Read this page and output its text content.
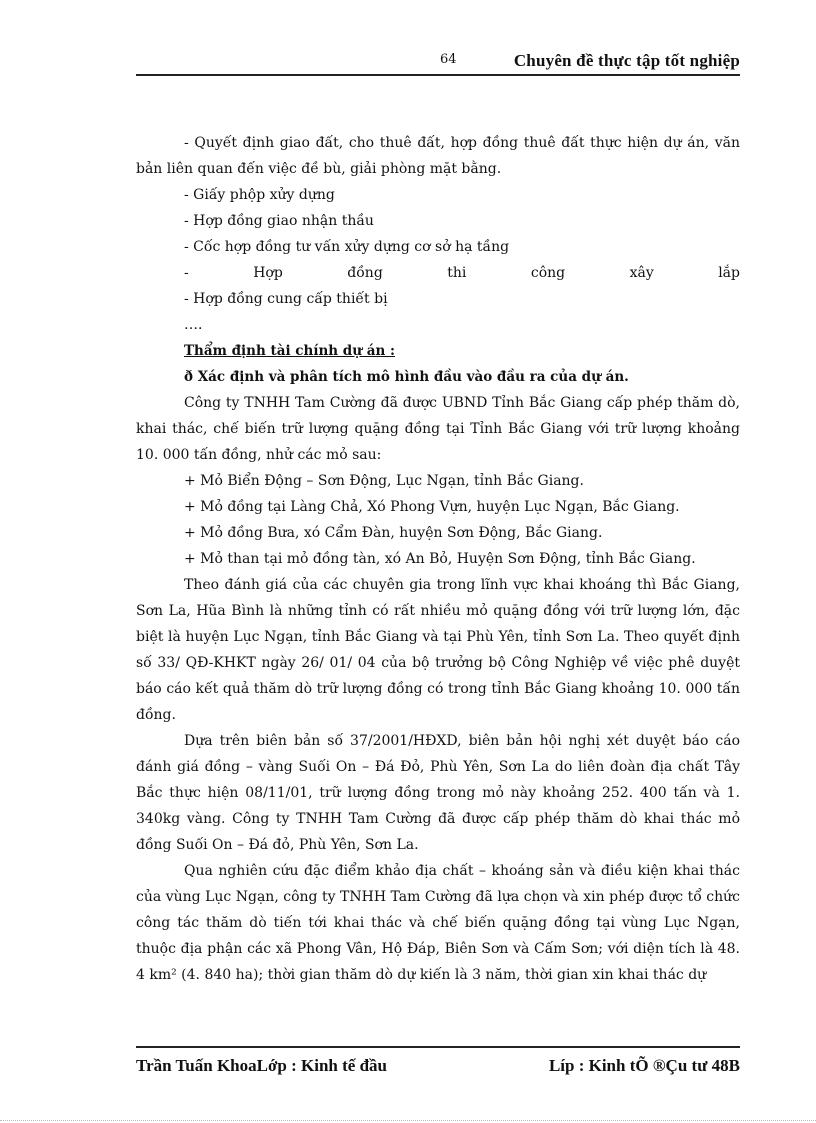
64	Chuyên đề thực tập tốt nghiệp

- Quyết định giao đất, cho thuê đất, hợp đồng thuê đất thực hiện dự án, văn bản liên quan đến việc đề bù, giải phòng mặt bằng.

- Giấy phộp xửy dựng

- Hợp đồng giao nhận thầu

- Cốc hợp đồng tư vấn xửy dựng cơ sở hạ tầng

-	Hợp	đồng	thi	công	xây	lắp

- Hợp đồng cung cấp thiết bị

….

Thẩm định tài chính dự án :

ð Xác định và phân tích mô hình đầu vào đầu ra của dự án.

Công ty TNHH Tam Cường đã được UBND Tỉnh Bắc Giang cấp phép thăm dò, khai thác, chế biến trữ lượng quặng đồng tại Tỉnh Bắc Giang với trữ lượng khoảng 10. 000 tấn đồng, nhử các mỏ sau:

+ Mỏ Biển Động – Sơn Động, Lục Ngạn, tỉnh Bắc Giang.

+ Mỏ đồng tại Làng Chả, Xó Phong Vựn, huyện Lục Ngạn, Bắc Giang.

+ Mỏ đồng Bưa, xó Cẩm Đàn, huyện Sơn Động, Bắc Giang.

+ Mỏ than tại mỏ đồng tàn, xó An Bỏ, Huyện Sơn Động, tỉnh Bắc Giang.

Theo đánh giá của các chuyên gia trong lĩnh vực khai khoáng thì Bắc Giang, Sơn La, Hũa Bình là những tỉnh có rất nhiều mỏ quặng đồng với trữ lượng lớn, đặc biệt là huyện Lục Ngạn, tỉnh Bắc Giang và tại Phù Yên, tỉnh Sơn La. Theo quyết định số 33/ QĐ-KHKT ngày 26/ 01/ 04 của bộ trưởng bộ Công Nghiệp về việc phê duyệt báo cáo kết quả thăm dò trữ lượng đồng có trong tỉnh Bắc Giang khoảng 10. 000 tấn đồng.

Dựa trên biên bản số 37/2001/HĐXD, biên bản hội nghị xét duyệt báo cáo đánh giá đồng – vàng Suối On – Đá Đỏ, Phù Yên, Sơn La do liên đoàn địa chất Tây Bắc thực hiện 08/11/01, trữ lượng đồng trong mỏ này khoảng 252. 400 tấn và 1. 340kg vàng. Công ty TNHH Tam Cường đã được cấp phép thăm dò khai thác mỏ đồng Suối On – Đá đỏ, Phù Yên, Sơn La.

Qua nghiên cứu đặc điểm khảo địa chất – khoáng sản và điều kiện khai thác của vùng Lục Ngạn, công ty TNHH Tam Cường đã lựa chọn và xin phép được tổ chức công tác thăm dò tiến tới khai thác và chế biến quặng đồng tại vùng Lục Ngạn, thuộc địa phận các xã Phong Vân, Hộ Đáp, Biên Sơn và Cấm Sơn; với diện tích là 48. 4 km² (4. 840 ha); thời gian thăm dò dự kiến là 3 năm, thời gian xin khai thác dự

Trần Tuấn KhoaLớp : Kinh tế đầu	Líp : Kinh tÕ ®Çu tư 48B
